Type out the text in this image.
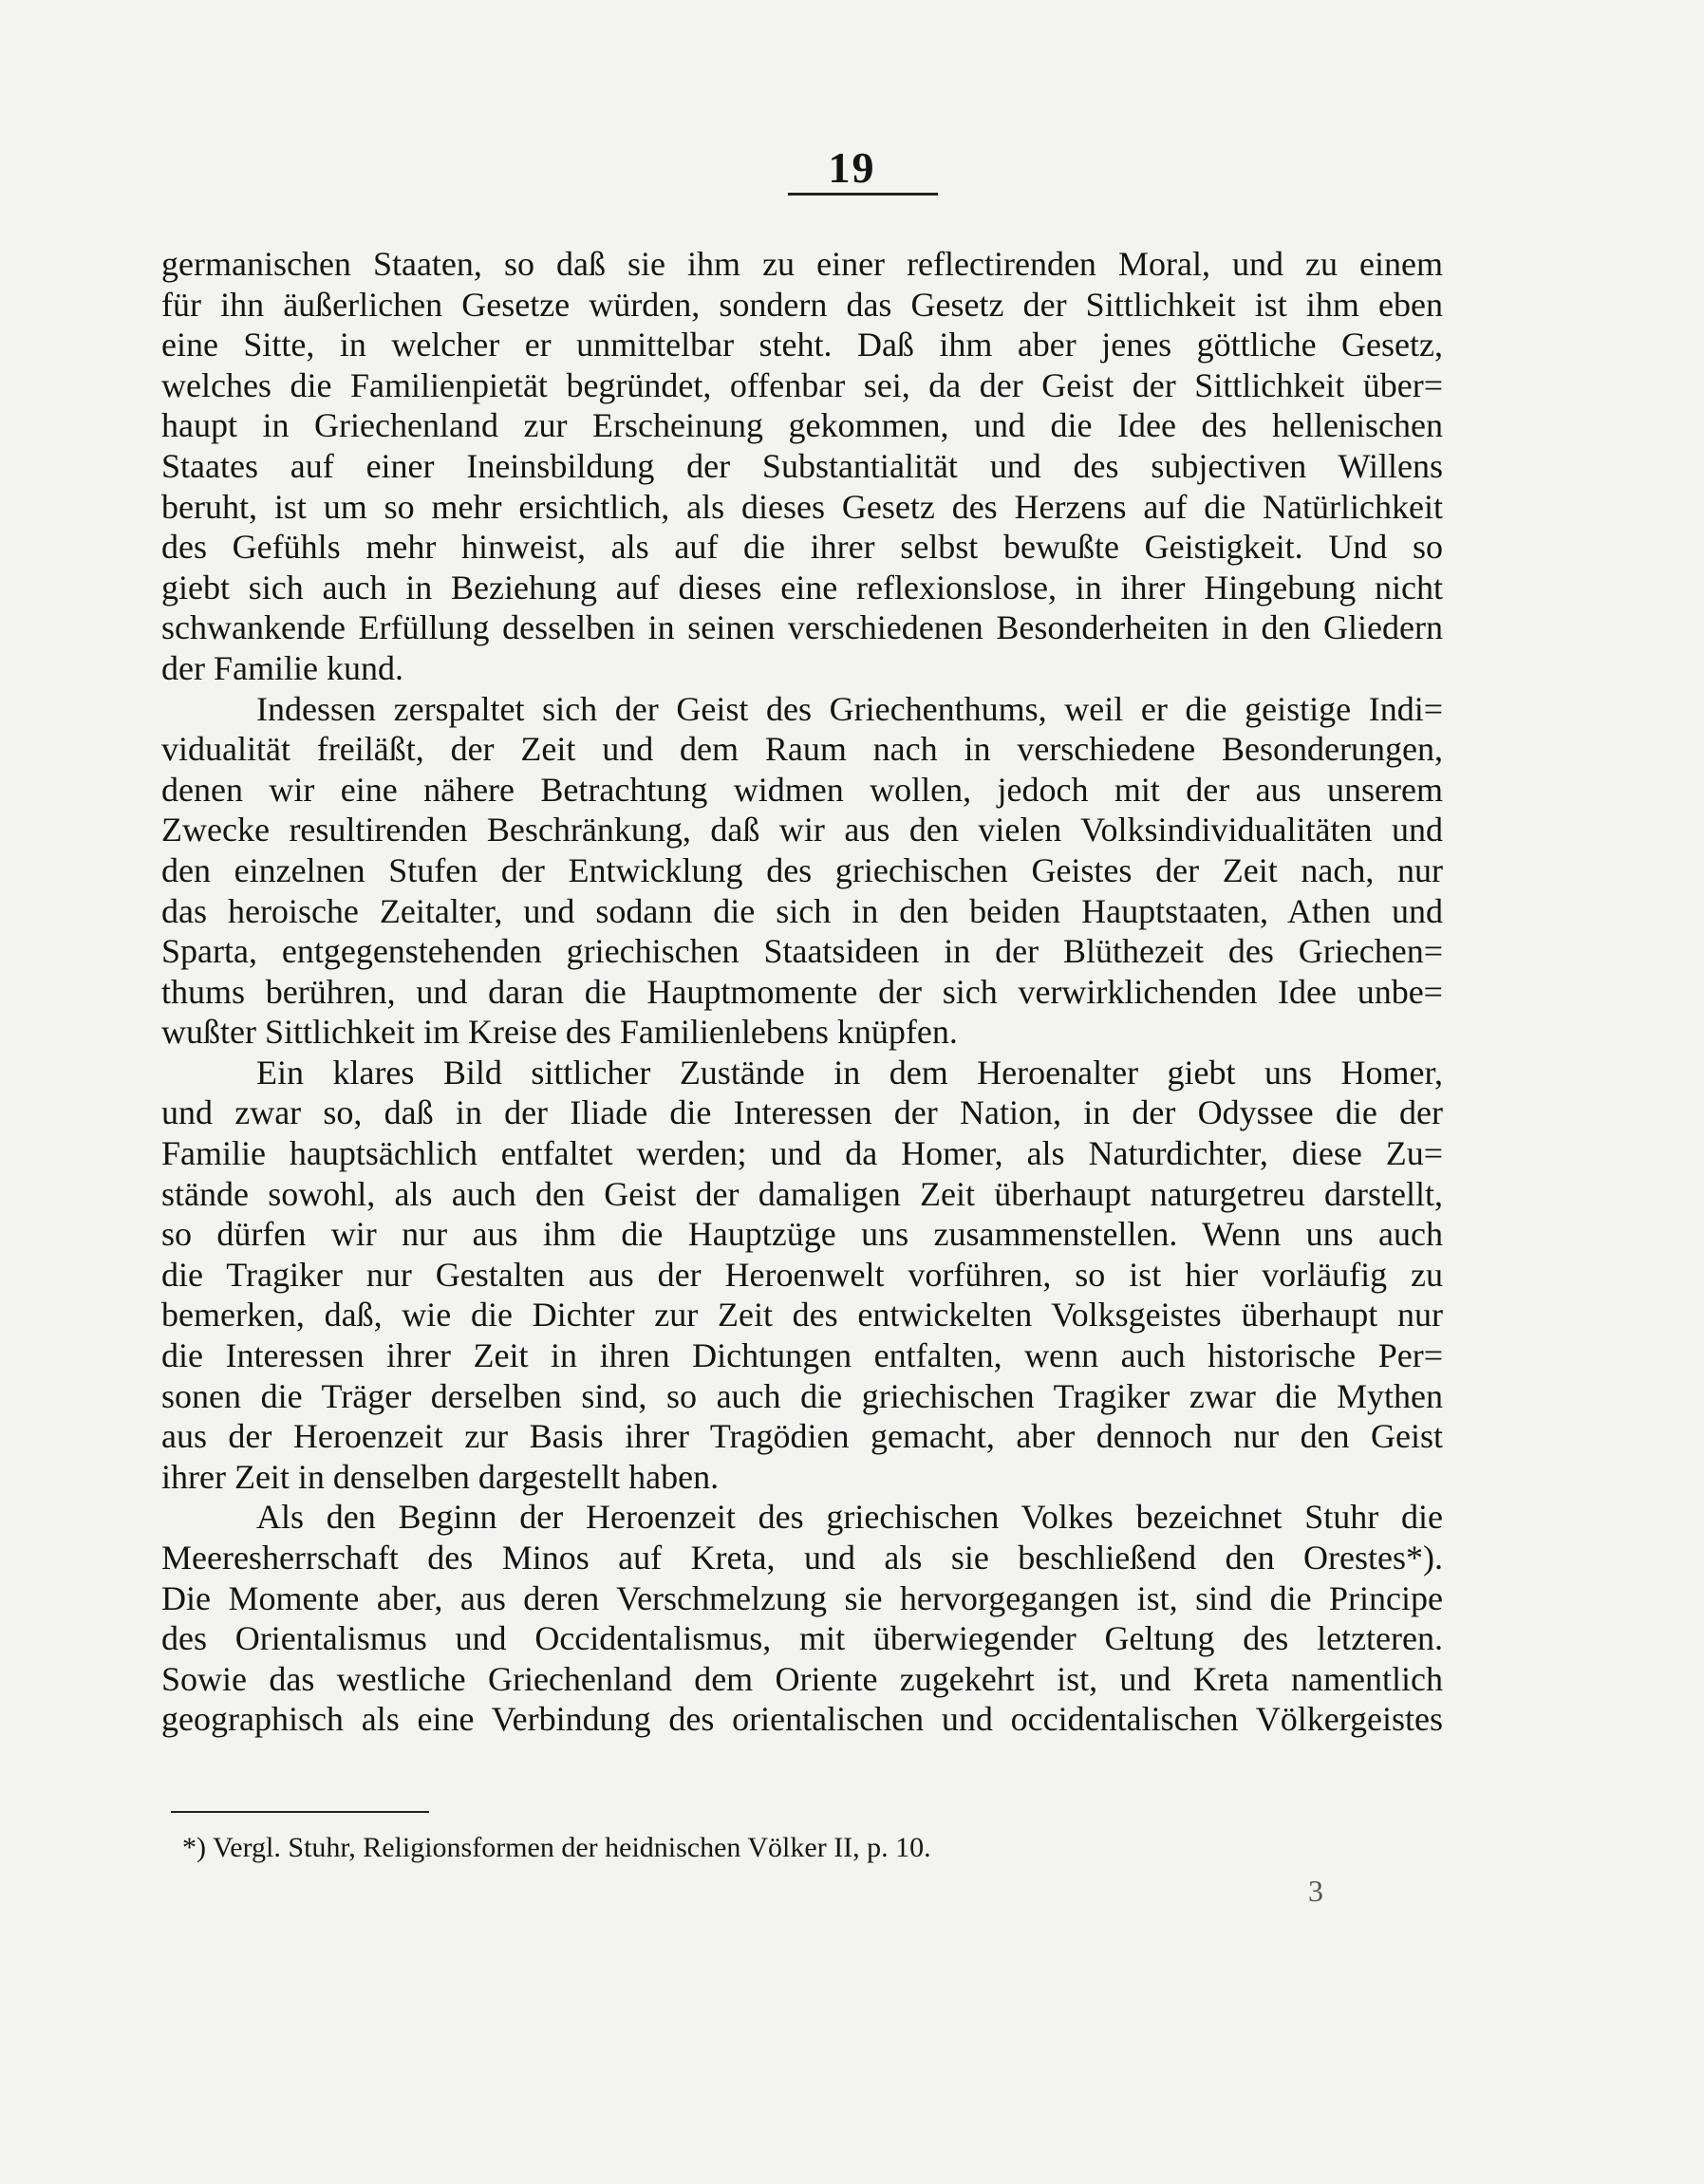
19
germanischen Staaten, so daß sie ihm zu einer reflectirenden Moral, und zu einem
für ihn äußerlichen Gesetze würden, sondern das Gesetz der Sittlichkeit ist ihm eben
eine Sitte, in welcher er unmittelbar steht. Daß ihm aber jenes göttliche Gesetz,
welches die Familienpietät begründet, offenbar sei, da der Geist der Sittlichkeit über=
haupt in Griechenland zur Erscheinung gekommen, und die Idee des hellenischen
Staates auf einer Ineinsbildung der Substantialität und des subjectiven Willens
beruht, ist um so mehr ersichtlich, als dieses Gesetz des Herzens auf die Natürlichkeit
des Gefühls mehr hinweist, als auf die ihrer selbst bewußte Geistigkeit. Und so
giebt sich auch in Beziehung auf dieses eine reflexionslose, in ihrer Hingebung nicht
schwankende Erfüllung desselben in seinen verschiedenen Besonderheiten in den Gliedern
der Familie kund.
Indessen zerspaltet sich der Geist des Griechenthums, weil er die geistige Indi=
vidualität freiläßt, der Zeit und dem Raum nach in verschiedene Besonderungen,
denen wir eine nähere Betrachtung widmen wollen, jedoch mit der aus unserem
Zwecke resultirenden Beschränkung, daß wir aus den vielen Volksindividualitäten und
den einzelnen Stufen der Entwicklung des griechischen Geistes der Zeit nach, nur
das heroische Zeitalter, und sodann die sich in den beiden Hauptstaaten, Athen und
Sparta, entgegenstehenden griechischen Staatsideen in der Blüthezeit des Griechen=
thums berühren, und daran die Hauptmomente der sich verwirklichenden Idee unbe=
wußter Sittlichkeit im Kreise des Familienlebens knüpfen.
Ein klares Bild sittlicher Zustände in dem Heroenalter giebt uns Homer,
und zwar so, daß in der Iliade die Interessen der Nation, in der Odyssee die der
Familie hauptsächlich entfaltet werden; und da Homer, als Naturdichter, diese Zu=
stände sowohl, als auch den Geist der damaligen Zeit überhaupt naturgetreu darstellt,
so dürfen wir nur aus ihm die Hauptzüge uns zusammenstellen. Wenn uns auch
die Tragiker nur Gestalten aus der Heroenwelt vorführen, so ist hier vorläufig zu
bemerken, daß, wie die Dichter zur Zeit des entwickelten Volksgeistes überhaupt nur
die Interessen ihrer Zeit in ihren Dichtungen entfalten, wenn auch historische Per=
sonen die Träger derselben sind, so auch die griechischen Tragiker zwar die Mythen
aus der Heroenzeit zur Basis ihrer Tragödien gemacht, aber dennoch nur den Geist
ihrer Zeit in denselben dargestellt haben.
Als den Beginn der Heroenzeit des griechischen Volkes bezeichnet Stuhr die
Meeresherrschaft des Minos auf Kreta, und als sie beschließend den Orestes*).
Die Momente aber, aus deren Verschmelzung sie hervorgegangen ist, sind die Principe
des Orientalismus und Occidentalismus, mit überwiegender Geltung des letzteren.
Sowie das westliche Griechenland dem Oriente zugekehrt ist, und Kreta namentlich
geographisch als eine Verbindung des orientalischen und occidentalischen Völkergeistes
*) Vergl. Stuhr, Religionsformen der heidnischen Völker II, p. 10.
3
